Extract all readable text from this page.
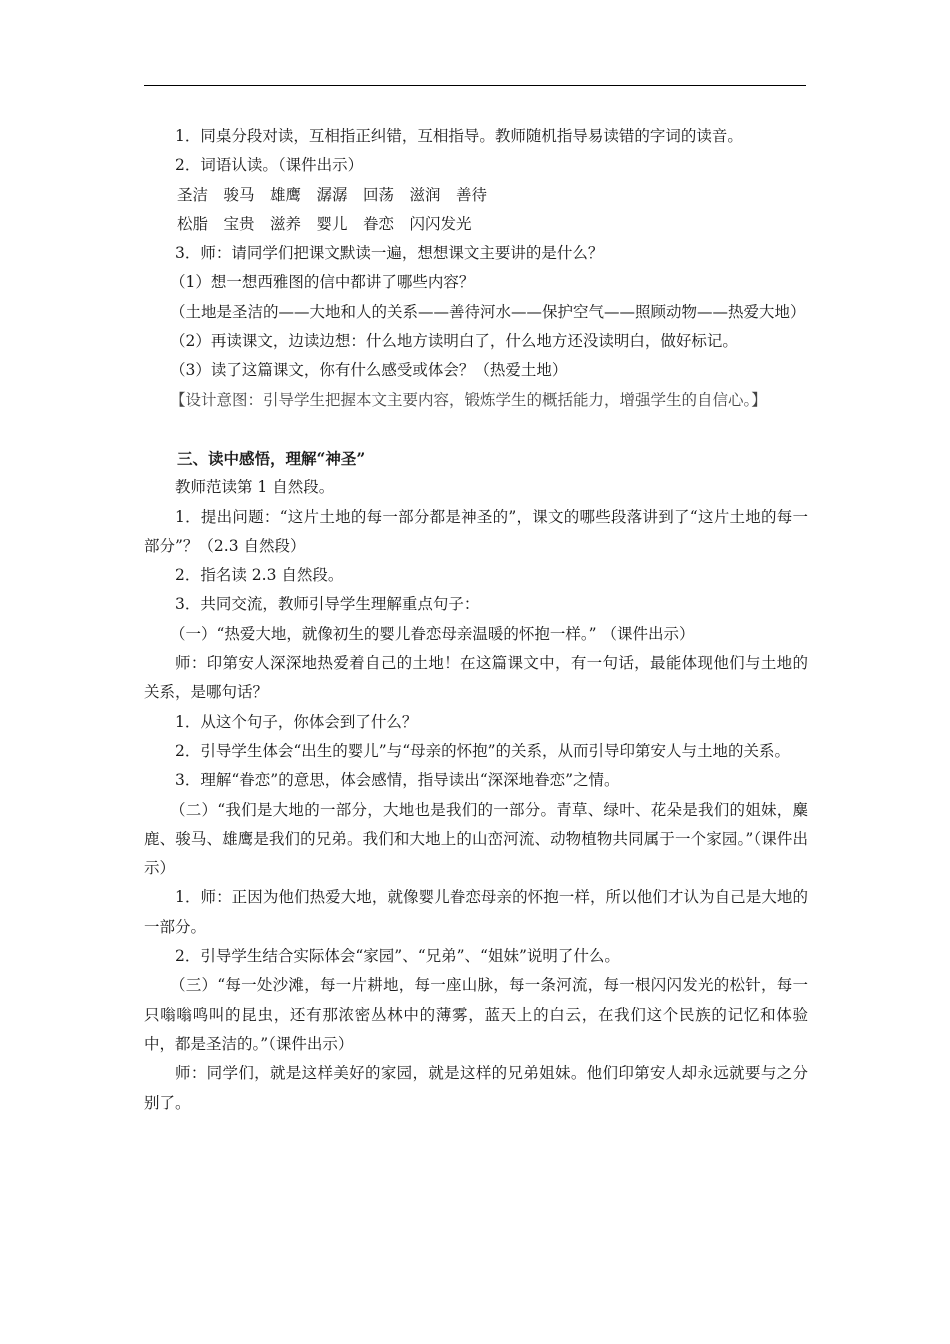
1．同桌分段对读，互相指正纠错，互相指导。教师随机指导易读错的字词的读音。

2．词语认读。（课件出示）

圣洁　骏马　雄鹰　潺潺　回荡　滋润　善待

松脂　宝贵　滋养　婴儿　眷恋　闪闪发光

3．师：请同学们把课文默读一遍，想想课文主要讲的是什么？

（1）想一想西雅图的信中都讲了哪些内容？

（土地是圣洁的——大地和人的关系——善待河水——保护空气——照顾动物——热爱大地）

（2）再读课文，边读边想：什么地方读明白了，什么地方还没读明白，做好标记。

（3）读了这篇课文，你有什么感受或体会？（热爱土地）

【设计意图：引导学生把握本文主要内容，锻炼学生的概括能力，增强学生的自信心。】

三、读中感悟，理解“神圣”

教师范读第 1 自然段。

1．提出问题：“这片土地的每一部分都是神圣的”，课文的哪些段落讲到了“这片土地的每一部分”？（2.3 自然段）

2．指名读 2.3 自然段。

3．共同交流，教师引导学生理解重点句子：

（一）“热爱大地，就像初生的婴儿眷恋母亲温暖的怀抱一样。” （课件出示）

师：印第安人深深地热爱着自己的土地！在这篇课文中，有一句话，最能体现他们与土地的关系，是哪句话？

1．从这个句子，你体会到了什么？

2．引导学生体会“出生的婴儿”与“母亲的怀抱”的关系，从而引导印第安人与土地的关系。

3．理解“眷恋”的意思，体会感情，指导读出“深深地眷恋”之情。

（二）“我们是大地的一部分，大地也是我们的一部分。青草、绿叶、花朵是我们的姐妹，麋鹿、骏马、雄鹰是我们的兄弟。我们和大地上的山峦河流、动物植物共同属于一个家园。”（课件出示）

1．师：正因为他们热爱大地，就像婴儿眷恋母亲的怀抱一样，所以他们才认为自己是大地的一部分。

2．引导学生结合实际体会“家园”、“兄弟”、“姐妹”说明了什么。

（三）“每一处沙滩，每一片耕地，每一座山脉，每一条河流，每一根闪闪发光的松针，每一只嗡嗡鸣叫的昆虫，还有那浓密丛林中的薄雾，蓝天上的白云，在我们这个民族的记忆和体验中，都是圣洁的。”（课件出示）

师：同学们，就是这样美好的家园，就是这样的兄弟姐妹。他们印第安人却永远就要与之分别了。
